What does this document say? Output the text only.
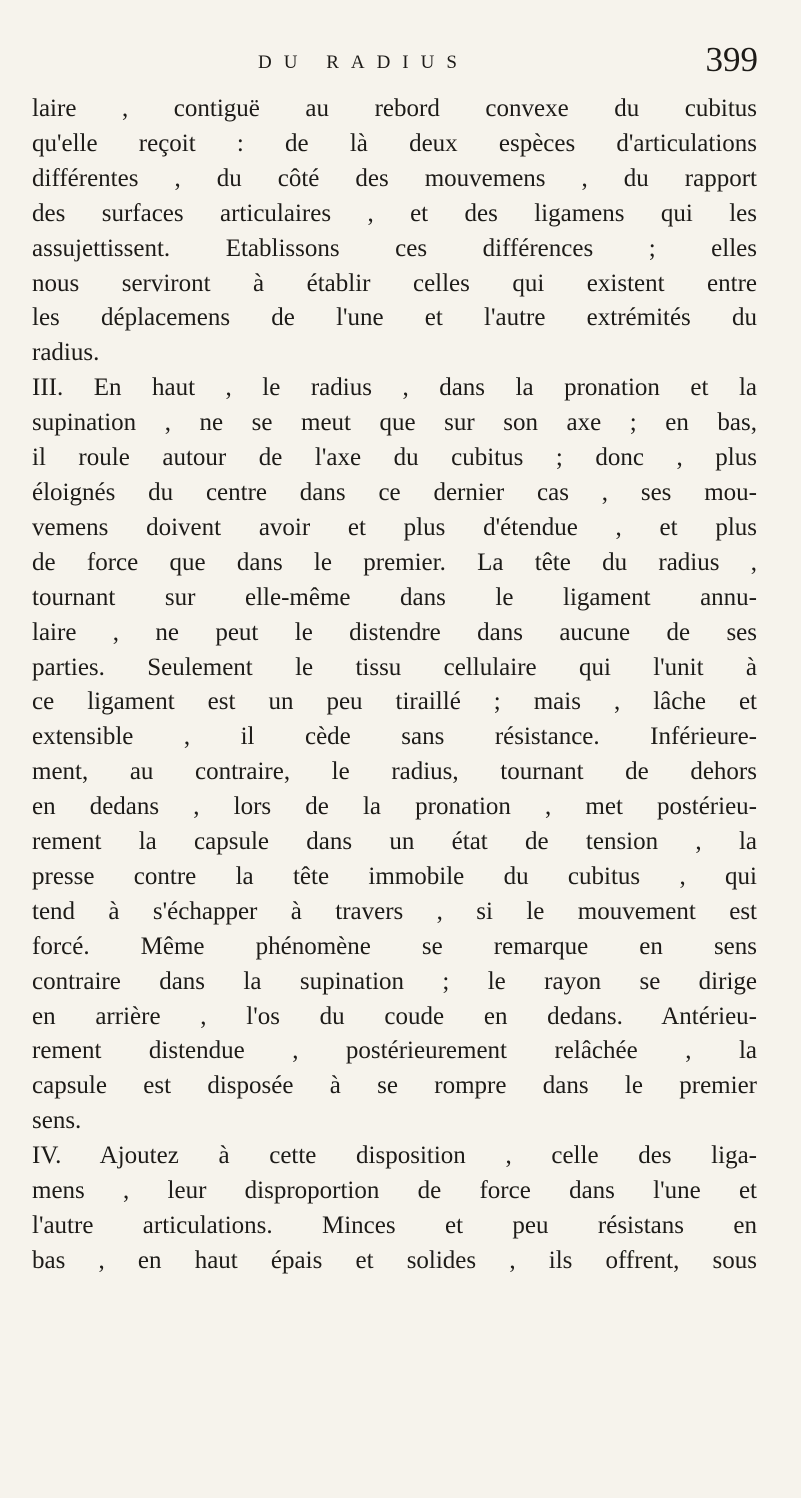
DU RADIUS	399
laire , contiguë au rebord convexe du cubitus
qu'elle reçoit : de là deux espèces d'articulations
différentes , du côté des mouvemens , du rapport
des surfaces articulaires , et des ligamens qui les
assujettissent. Etablissons ces différences ; elles
nous serviront à établir celles qui existent entre
les déplacemens de l'une et l'autre extrémités du
radius.
III. En haut , le radius , dans la pronation et la
supination , ne se meut que sur son axe ; en bas,
il roule autour de l'axe du cubitus ; donc , plus
éloignés du centre dans ce dernier cas , ses mou-
vemens doivent avoir et plus d'étendue , et plus
de force que dans le premier. La tête du radius ,
tournant sur elle-même dans le ligament annu-
laire , ne peut le distendre dans aucune de ses
parties. Seulement le tissu cellulaire qui l'unit à
ce ligament est un peu tiraillé ; mais , lâche et
extensible , il cède sans résistance. Inférieure-
ment, au contraire, le radius, tournant de dehors
en dedans , lors de la pronation , met postérieu-
rement la capsule dans un état de tension , la
presse contre la tête immobile du cubitus , qui
tend à s'échapper à travers , si le mouvement est
forcé. Même phénomène se remarque en sens
contraire dans la supination ; le rayon se dirige
en arrière , l'os du coude en dedans. Antérieu-
rement distendue , postérieurement relâchée , la
capsule est disposée à se rompre dans le premier
sens.
IV. Ajoutez à cette disposition , celle des liga-
mens , leur disproportion de force dans l'une et
l'autre articulations. Minces et peu résistans en
bas , en haut épais et solides , ils offrent, sous
